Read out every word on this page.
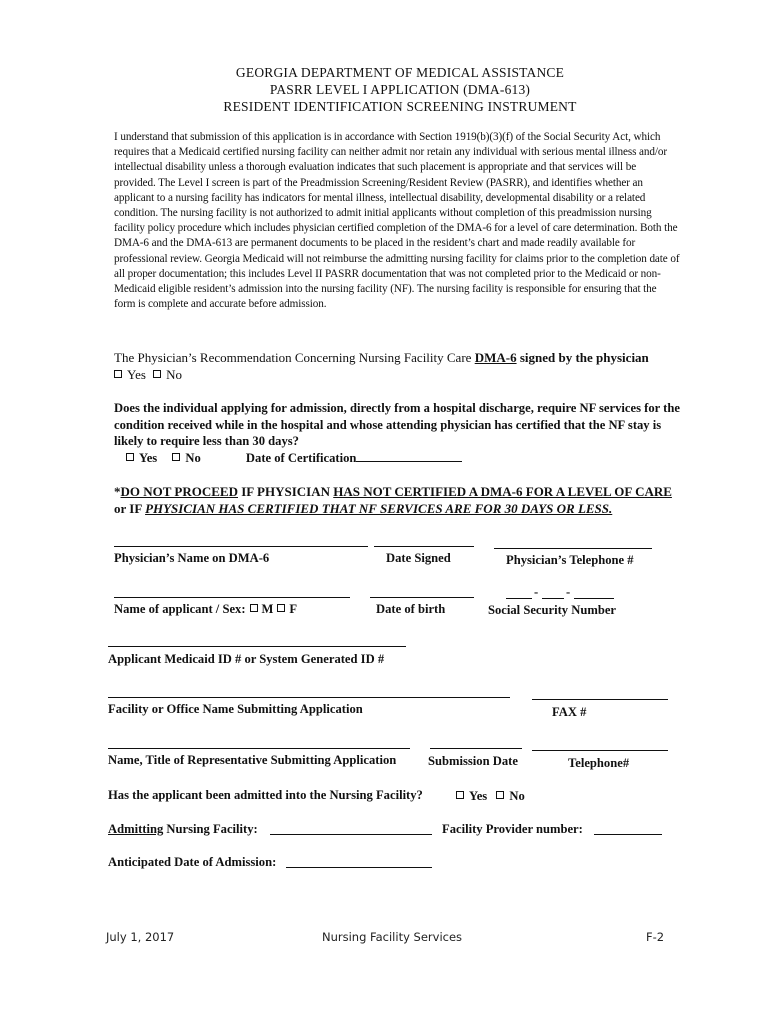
GEORGIA DEPARTMENT OF MEDICAL ASSISTANCE
PASRR LEVEL I APPLICATION (DMA-613)
RESIDENT IDENTIFICATION SCREENING INSTRUMENT
I understand that submission of this application is in accordance with Section 1919(b)(3)(f) of the Social Security Act, which requires that a Medicaid certified nursing facility can neither admit nor retain any individual with serious mental illness and/or intellectual disability unless a thorough evaluation indicates that such placement is appropriate and that services will be provided. The Level I screen is part of the Preadmission Screening/Resident Review (PASRR), and identifies whether an applicant to a nursing facility has indicators for mental illness, intellectual disability, developmental disability or a related condition. The nursing facility is not authorized to admit initial applicants without completion of this preadmission nursing facility policy procedure which includes physician certified completion of the DMA-6 for a level of care determination. Both the DMA-6 and the DMA-613 are permanent documents to be placed in the resident’s chart and made readily available for professional review. Georgia Medicaid will not reimburse the admitting nursing facility for claims prior to the completion date of all proper documentation; this includes Level II PASRR documentation that was not completed prior to the Medicaid or non-Medicaid eligible resident’s admission into the nursing facility (NF). The nursing facility is responsible for ensuring that the form is complete and accurate before admission.
The Physician’s Recommendation Concerning Nursing Facility Care DMA-6 signed by the physician
Yes No
Does the individual applying for admission, directly from a hospital discharge, require NF services for the condition received while in the hospital and whose attending physician has certified that the NF stay is likely to require less than 30 days?
Yes No	Date of Certification
*DO NOT PROCEED IF PHYSICIAN HAS NOT CERTIFIED A DMA-6 FOR A LEVEL OF CARE or IF PHYSICIAN HAS CERTIFIED THAT NF SERVICES ARE FOR 30 DAYS OR LESS.
Physician’s Name on DMA-6	Date Signed	Physician’s Telephone #
- -
Name of applicant / Sex: M F	Date of birth	Social Security Number
Applicant Medicaid ID # or System Generated ID #
Facility or Office Name Submitting Application	FAX #
Name, Title of Representative Submitting Application	Submission Date	Telephone#
Has the applicant been admitted into the Nursing Facility?	Yes No
Admitting Nursing Facility:	Facility Provider number:
Anticipated Date of Admission:
July 1, 2017	Nursing Facility Services	F-2
